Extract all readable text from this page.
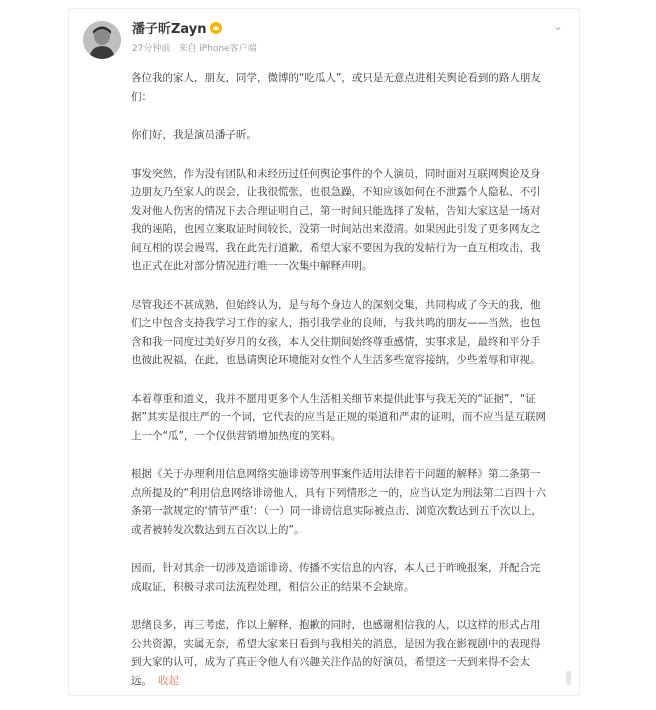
⌄
潘子昕Zayn
27分钟前 来自 iPhone客户端

各位我的家人，朋友，同学，微博的“吃瓜人”，或只是无意点进相关舆论看到的路人朋友们：

你们好，我是演员潘子昕。

事发突然，作为没有团队和未经历过任何舆论事件的个人演员，同时面对互联网舆论及身边朋友乃至家人的误会，让我很慌张，也很急躁，不知应该如何在不泄露个人隐私、不引发对他人伤害的情况下去合理证明自己，第一时间只能选择了发帖，告知大家这是一场对我的诬陷，也因立案取证时间较长，没第一时间站出来澄清。如果因此引发了更多网友之间互相的误会谩骂，我在此先行道歉，希望大家不要因为我的发帖行为一直互相攻击，我也正式在此对部分情况进行唯一一次集中解释声明。

尽管我还不甚成熟，但始终认为，是与每个身边人的深刻交集，共同构成了今天的我，他们之中包含支持我学习工作的家人，指引我学业的良师，与我共鸣的朋友——当然，也包含和我一同度过美好岁月的女孩，本人交往期间始终尊重感情，实事求是，最终和平分手也彼此祝福，在此，也恳请舆论环境能对女性个人生活多些宽容接纳，少些羞辱和审视。

本着尊重和道义，我并不愿用更多个人生活相关细节来提供此事与我无关的“证据”，“证据”其实是很庄严的一个词，它代表的应当是正规的渠道和严肃的证明，而不应当是互联网上一个“瓜”，一个仅供营销增加热度的笑料。

根据《关于办理利用信息网络实施诽谤等刑事案件适用法律若干问题的解释》第二条第一点所提及的“利用信息网络诽谤他人，具有下列情形之一的，应当认定为刑法第二百四十六条第一款规定的‘情节严重’：（一）同一诽谤信息实际被点击、浏览次数达到五千次以上，或者被转发次数达到五百次以上的”。

因而，针对其余一切涉及造谣诽谤、传播不实信息的内容，本人已于昨晚报案，并配合完成取证，积极寻求司法流程处理，相信公正的结果不会缺席。

思绪良多，再三考虑，作以上解释，抱歉的同时，也感谢相信我的人，以这样的形式占用公共资源，实属无奈，希望大家来日看到与我相关的消息，是因为我在影视剧中的表现得到大家的认可，成为了真正令他人有兴趣关注作品的好演员，希望这一天到来得不会太远。 收起
